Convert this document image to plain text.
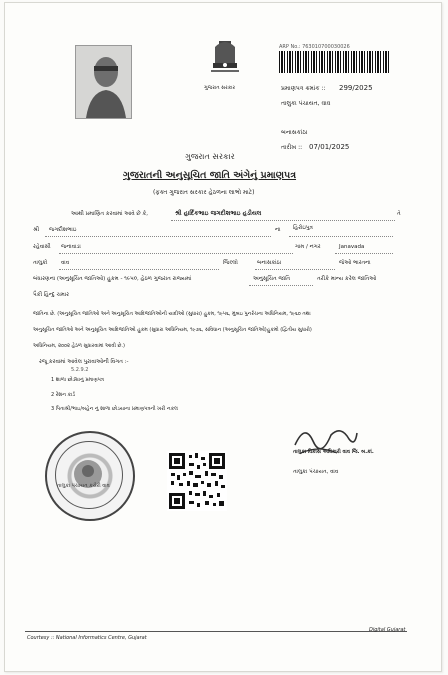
ગુજરાત સરકાર
ARP No.: 763010700030026
પ્રમાણપત્ર ક્રમાંક :: 299/2025
તાલુકા પંચાયત, વાવ
બનાસકાંઠા
તારીખ :: 07/01/2025
ગુજરાત સરકાર
ગુજરાતની અનુસૂચિત જાતિ અંગેનું પ્રમાણપત્ર
(ફક્ત ગુજરાત સરકાર હેઠળના લાભો માટે)
આથી પ્રમાણિત કરવામાં આવે છે કે,	શ્રી હાર્દિકભાઇ જગદીશભાઇ હડીયલ	તે
શ્રી જગદીશભાઇ	ના હિરોઇપુત્ર
રહેવાસી જનાવાડા	ગામ / નગર	Janavada
તાલુકો વાવ	જિલ્લો	બનાસકાંઠા	જેઓ ભારતના
બંધારણના (અનુસૂચિત જાતિઓ) હુકમ - ૧૯૫૦, હેઠળ ગુજરાત રાજ્યમાં	અનુસૂચિત જાતિ	તરીકે માન્ય કરેલ જાતિઓ
પૈકી હિન્દુ ચમાર
જાતિના છે. (અનુસૂચિત જાતિઓ અને અનુસૂચિત આદિજાતિઓની યાદીઓ (સુધારા) હુકમ, ૧૯૫૬, મુંબઇ પુનર્રચના અધિનિયમ, ૧૯૬૦ તથા
અનુસૂચિત જાતિઓ અને અનુસૂચિત આદિજાતિઓ હુકમ (સુધારા અધિનિયમ, ૧૯૭૬, સંવિધાન (અનુસૂચિત જાતિઓ)હુકમો (દ્વિતીય સુધારો)
અધિનિયમ, ૨૦૦૨ હેઠળ સુધારવામાં આવી છે.)
રજૂ કરવામાં આવેલ પુરાવાઓની વિગત :-
5.2.9.2
1 શાળા છોડ્યાનું પ્રમાણપત્ર
2 રેશન કાર્ડ
3 પિતાશ્રી/ભાઇ/બહેન નું શાળા છોડયાના પ્રમાણપત્રની ખરી નકલ
તાલુકા પંચાયત કચેરી વાવ
તાલુકા વિકાસ અધિકારી વાવ જિ. બ.કાં.
તાલુકા પંચાયત, વાવ
Courtesy :: National Informatics Centre, Gujarat
Digital Gujarat
